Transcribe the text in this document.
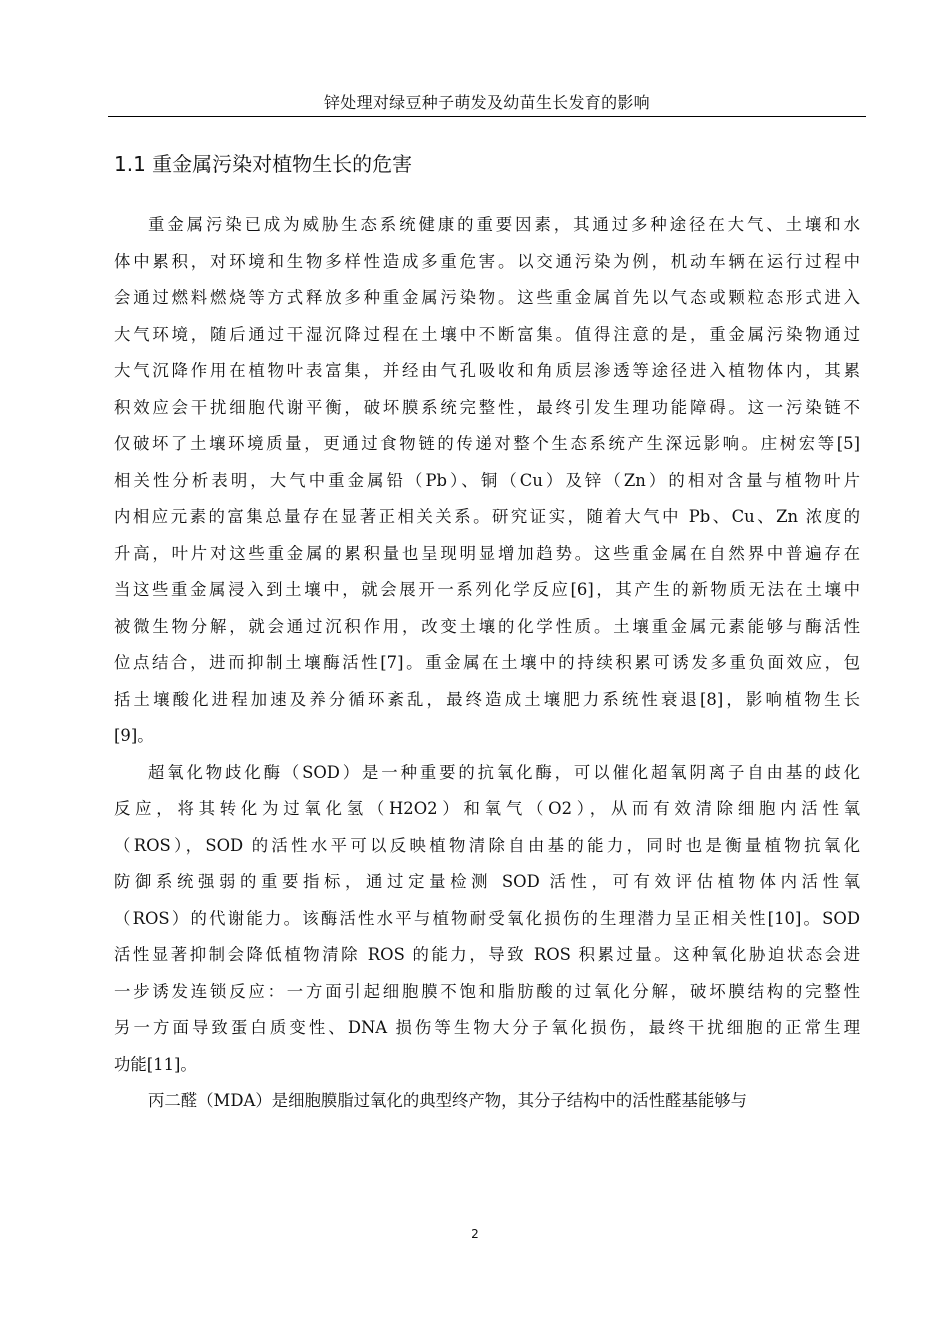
锌处理对绿豆种子萌发及幼苗生长发育的影响
1.1 重金属污染对植物生长的危害
重金属污染已成为威胁生态系统健康的重要因素，其通过多种途径在大气、土壤和水
体中累积，对环境和生物多样性造成多重危害。以交通污染为例，机动车辆在运行过程中
会通过燃料燃烧等方式释放多种重金属污染物。这些重金属首先以气态或颗粒态形式进入
大气环境，随后通过干湿沉降过程在土壤中不断富集。值得注意的是，重金属污染物通过
大气沉降作用在植物叶表富集，并经由气孔吸收和角质层渗透等途径进入植物体内，其累
积效应会干扰细胞代谢平衡，破坏膜系统完整性，最终引发生理功能障碍。这一污染链不
仅破坏了土壤环境质量，更通过食物链的传递对整个生态系统产生深远影响。庄树宏等[5]
相关性分析表明，大气中重金属铅（Pb）、铜（Cu）及锌（Zn）的相对含量与植物叶片
内相应元素的富集总量存在显著正相关关系。研究证实，随着大气中 Pb、Cu、Zn 浓度的
升高，叶片对这些重金属的累积量也呈现明显增加趋势。这些重金属在自然界中普遍存在
当这些重金属浸入到土壤中，就会展开一系列化学反应[6]，其产生的新物质无法在土壤中
被微生物分解，就会通过沉积作用，改变土壤的化学性质。土壤重金属元素能够与酶活性
位点结合，进而抑制土壤酶活性[7]。重金属在土壤中的持续积累可诱发多重负面效应，包
括土壤酸化进程加速及养分循环紊乱，最终造成土壤肥力系统性衰退[8]，影响植物生长
[9]。
超氧化物歧化酶（SOD）是一种重要的抗氧化酶，可以催化超氧阴离子自由基的歧化
反应，将其转化为过氧化氢（H2O2）和氧气（O2），从而有效清除细胞内活性氧
（ROS），SOD 的活性水平可以反映植物清除自由基的能力，同时也是衡量植物抗氧化
防御系统强弱的重要指标，通过定量检测 SOD 活性，可有效评估植物体内活性氧
（ROS）的代谢能力。该酶活性水平与植物耐受氧化损伤的生理潜力呈正相关性[10]。SOD
活性显著抑制会降低植物清除 ROS 的能力，导致 ROS 积累过量。这种氧化胁迫状态会进
一步诱发连锁反应：一方面引起细胞膜不饱和脂肪酸的过氧化分解，破坏膜结构的完整性
另一方面导致蛋白质变性、DNA 损伤等生物大分子氧化损伤，最终干扰细胞的正常生理
功能[11]。
丙二醛（MDA）是细胞膜脂过氧化的典型终产物，其分子结构中的活性醛基能够与
2
